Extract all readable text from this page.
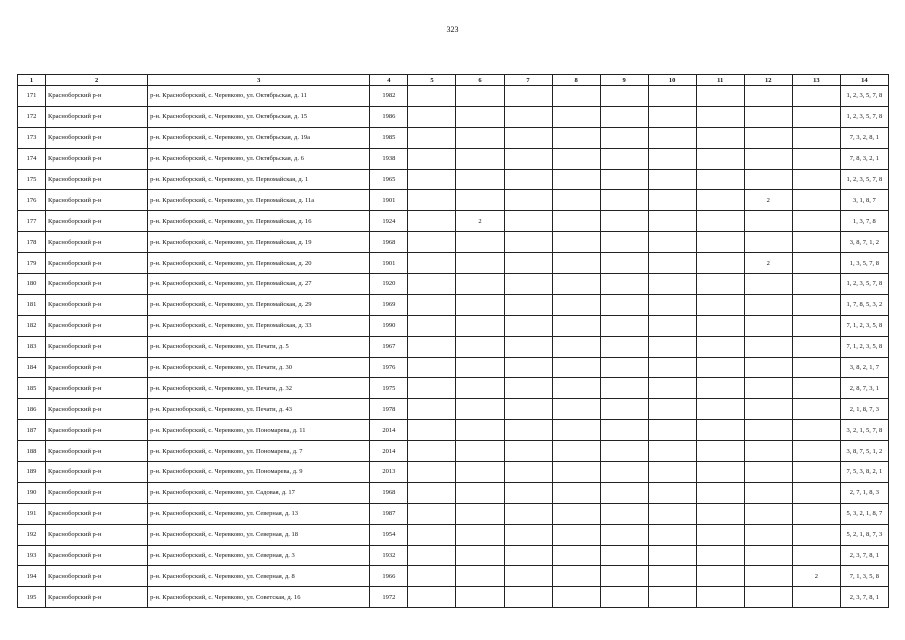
323
1	2	3	4	5	6	7	8	9	10	11	12	13	14
171	Красноборский р-н	р-н. Красноборский, с. Черевково, ул. Октябрьская, д. 11	1982										1, 2, 3, 5, 7, 8
172	Красноборский р-н	р-н. Красноборский, с. Черевково, ул. Октябрьская, д. 15	1986										1, 2, 3, 5, 7, 8
173	Красноборский р-н	р-н. Красноборский, с. Черевково, ул. Октябрьская, д. 19а	1985										7, 3, 2, 8, 1
174	Красноборский р-н	р-н. Красноборский, с. Черевково, ул. Октябрьская, д. 6	1938										7, 8, 3, 2, 1
175	Красноборский р-н	р-н. Красноборский, с. Черевково, ул. Первомайская, д. 1	1965										1, 2, 3, 5, 7, 8
176	Красноборский р-н	р-н. Красноборский, с. Черевково, ул. Первомайская, д. 11а	1901								2		3, 1, 8, 7
177	Красноборский р-н	р-н. Красноборский, с. Черевково, ул. Первомайская, д. 16	1924		2								1, 3, 7, 8
178	Красноборский р-н	р-н. Красноборский, с. Черевково, ул. Первомайская, д. 19	1968										3, 8, 7, 1, 2
179	Красноборский р-н	р-н. Красноборский, с. Черевково, ул. Первомайская, д. 20	1901								2		1, 3, 5, 7, 8
180	Красноборский р-н	р-н. Красноборский, с. Черевково, ул. Первомайская, д. 27	1920										1, 2, 3, 5, 7, 8
181	Красноборский р-н	р-н. Красноборский, с. Черевково, ул. Первомайская, д. 29	1969										1, 7, 8, 5, 3, 2
182	Красноборский р-н	р-н. Красноборский, с. Черевково, ул. Первомайская, д. 33	1990										7, 1, 2, 3, 5, 8
183	Красноборский р-н	р-н. Красноборский, с. Черевково, ул. Печати, д. 5	1967										7, 1, 2, 3, 5, 8
184	Красноборский р-н	р-н. Красноборский, с. Черевково, ул. Печати, д. 30	1976										3, 8, 2, 1, 7
185	Красноборский р-н	р-н. Красноборский, с. Черевково, ул. Печати, д. 32	1975										2, 8, 7, 3, 1
186	Красноборский р-н	р-н. Красноборский, с. Черевково, ул. Печати, д. 43	1978										2, 1, 8, 7, 3
187	Красноборский р-н	р-н. Красноборский, с. Черевково, ул. Пономарева, д. 11	2014										3, 2, 1, 5, 7, 8
188	Красноборский р-н	р-н. Красноборский, с. Черевково, ул. Пономарева, д. 7	2014										3, 8, 7, 5, 1, 2
189	Красноборский р-н	р-н. Красноборский, с. Черевково, ул. Пономарева, д. 9	2013										7, 5, 3, 8, 2, 1
190	Красноборский р-н	р-н. Красноборский, с. Черевково, ул. Садовая, д. 17	1968										2, 7, 1, 8, 3
191	Красноборский р-н	р-н. Красноборский, с. Черевково, ул. Северная, д. 13	1987										5, 3, 2, 1, 8, 7
192	Красноборский р-н	р-н. Красноборский, с. Черевково, ул. Северная, д. 18	1954										5, 2, 1, 8, 7, 3
193	Красноборский р-н	р-н. Красноборский, с. Черевково, ул. Северная, д. 3	1932										2, 3, 7, 8, 1
194	Красноборский р-н	р-н. Красноборский, с. Черевково, ул. Северная, д. 8	1966									2	7, 1, 3, 5, 8
195	Красноборский р-н	р-н. Красноборский, с. Черевково, ул. Советская, д. 16	1972										2, 3, 7, 8, 1
